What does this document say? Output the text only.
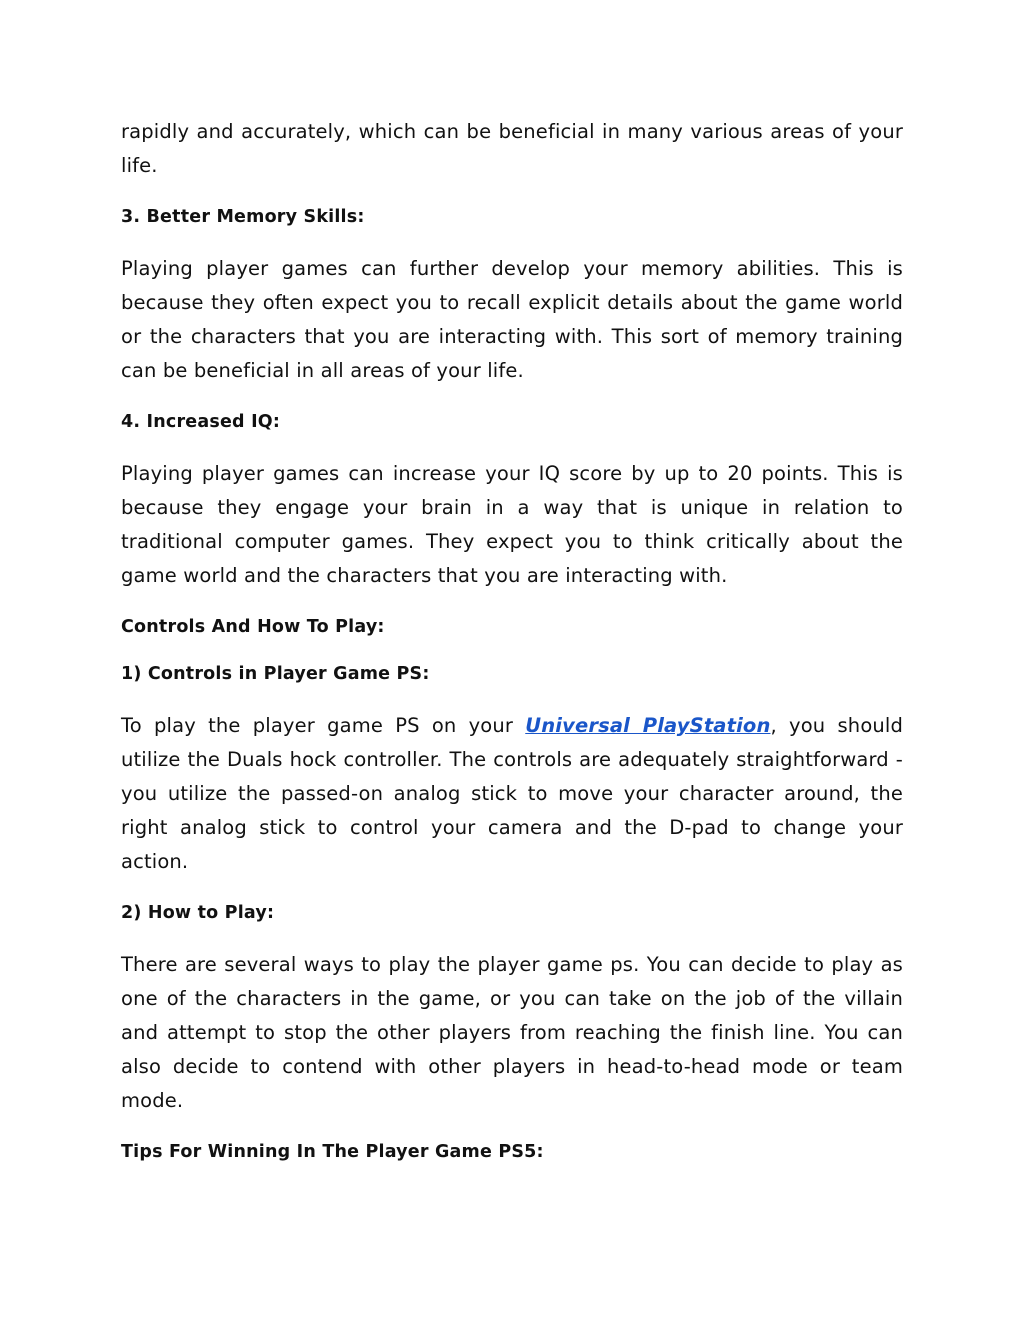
rapidly and accurately, which can be beneficial in many various areas of your life.

3. Better Memory Skills:

Playing player games can further develop your memory abilities. This is because they often expect you to recall explicit details about the game world or the characters that you are interacting with. This sort of memory training can be beneficial in all areas of your life.

4. Increased IQ:

Playing player games can increase your IQ score by up to 20 points. This is because they engage your brain in a way that is unique in relation to traditional computer games. They expect you to think critically about the game world and the characters that you are interacting with.

Controls And How To Play:

1) Controls in Player Game PS:

To play the player game PS on your Universal PlayStation, you should utilize the Duals hock controller. The controls are adequately straightforward - you utilize the passed-on analog stick to move your character around, the right analog stick to control your camera and the D-pad to change your action.

2) How to Play:

There are several ways to play the player game ps. You can decide to play as one of the characters in the game, or you can take on the job of the villain and attempt to stop the other players from reaching the finish line. You can also decide to contend with other players in head-to-head mode or team mode.

Tips For Winning In The Player Game PS5:
